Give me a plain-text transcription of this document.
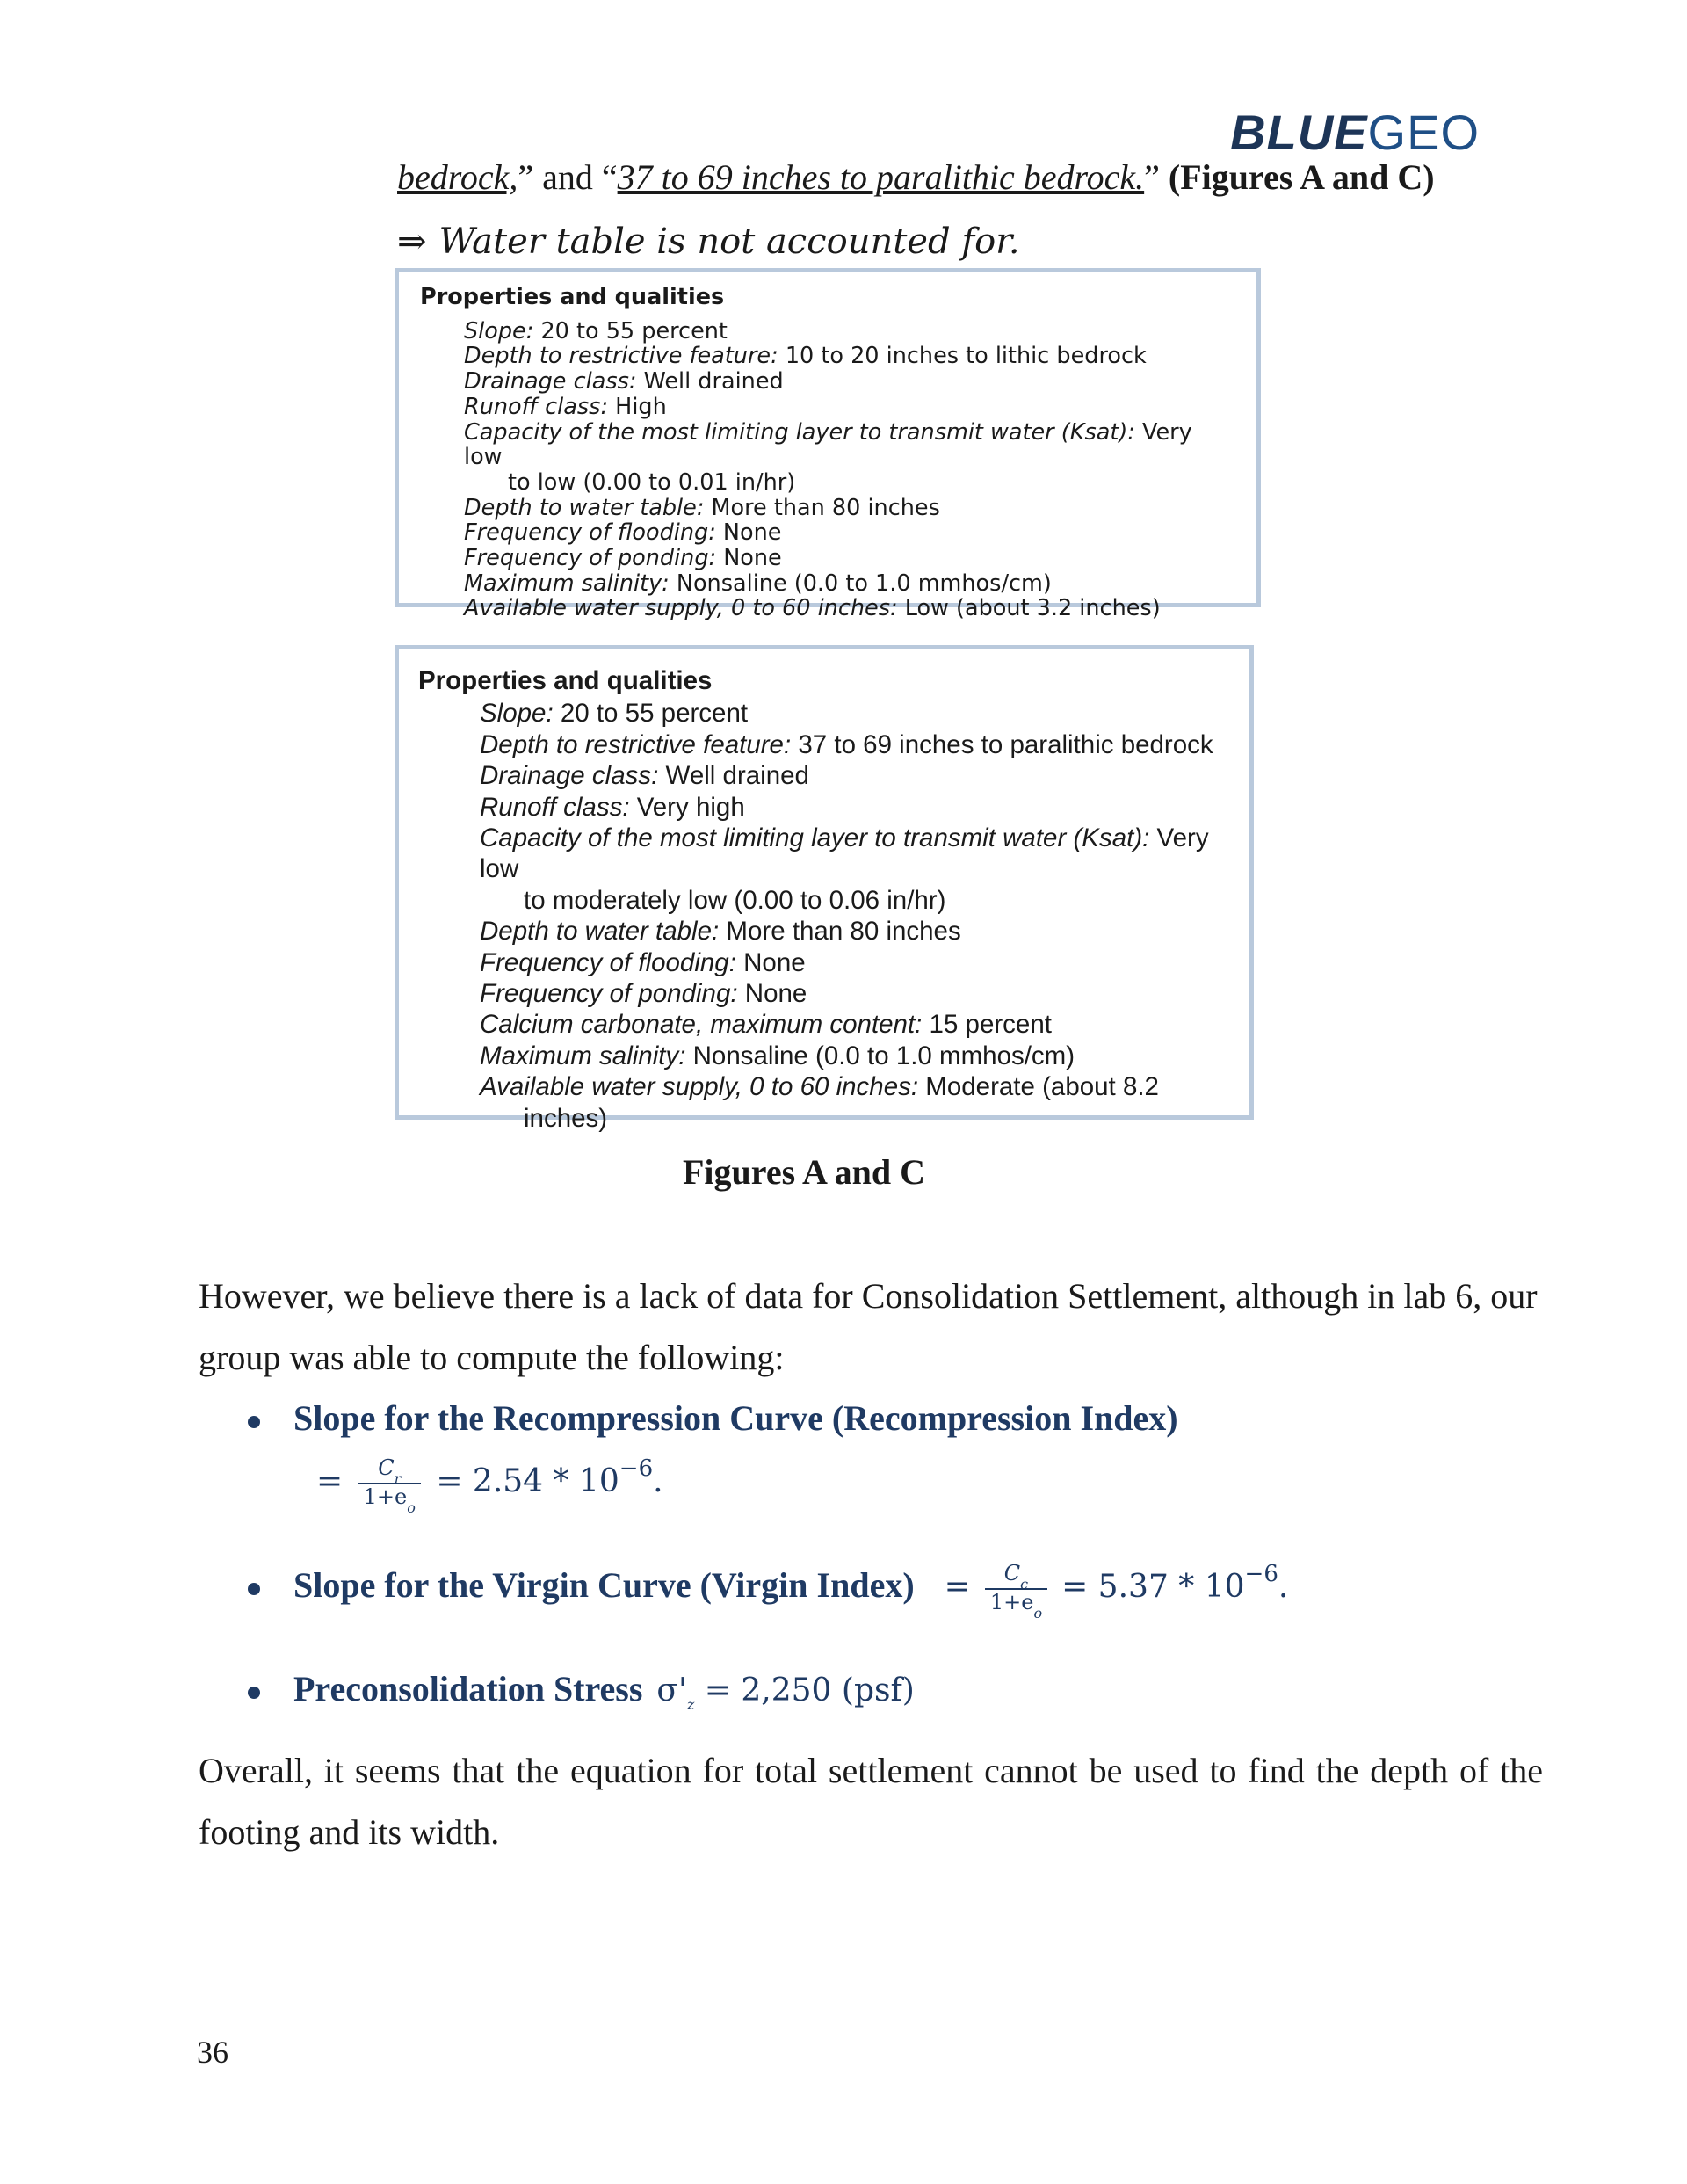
BLUEGEO
bedrock,” and “37 to 69 inches to paralithic bedrock.” (Figures A and C)
⇒ Water table is not accounted for.
Properties and qualities
Slope: 20 to 55 percent
Depth to restrictive feature: 10 to 20 inches to lithic bedrock
Drainage class: Well drained
Runoff class: High
Capacity of the most limiting layer to transmit water (Ksat): Very low
to low (0.00 to 0.01 in/hr)
Depth to water table: More than 80 inches
Frequency of flooding: None
Frequency of ponding: None
Maximum salinity: Nonsaline (0.0 to 1.0 mmhos/cm)
Available water supply, 0 to 60 inches: Low (about 3.2 inches)
Properties and qualities
Slope: 20 to 55 percent
Depth to restrictive feature: 37 to 69 inches to paralithic bedrock
Drainage class: Well drained
Runoff class: Very high
Capacity of the most limiting layer to transmit water (Ksat): Very low
to moderately low (0.00 to 0.06 in/hr)
Depth to water table: More than 80 inches
Frequency of flooding: None
Frequency of ponding: None
Calcium carbonate, maximum content: 15 percent
Maximum salinity: Nonsaline (0.0 to 1.0 mmhos/cm)
Available water supply, 0 to 60 inches: Moderate (about 8.2
inches)
Figures A and C
However, we believe there is a lack of data for Consolidation Settlement, although in lab 6, our group was able to compute the following:
Slope for the Recompression Curve (Recompression Index)
= $\frac{C_r}{1+e_o} = 2.54 * 10^{-6}$.
Slope for the Virgin Curve (Virgin Index) = $\frac{C_c}{1+e_o} = 5.37 * 10^{-6}$.
Preconsolidation Stress $\sigma'_z = 2,250$ (psf)
Overall, it seems that the equation for total settlement cannot be used to find the depth of the footing and its width.
36
